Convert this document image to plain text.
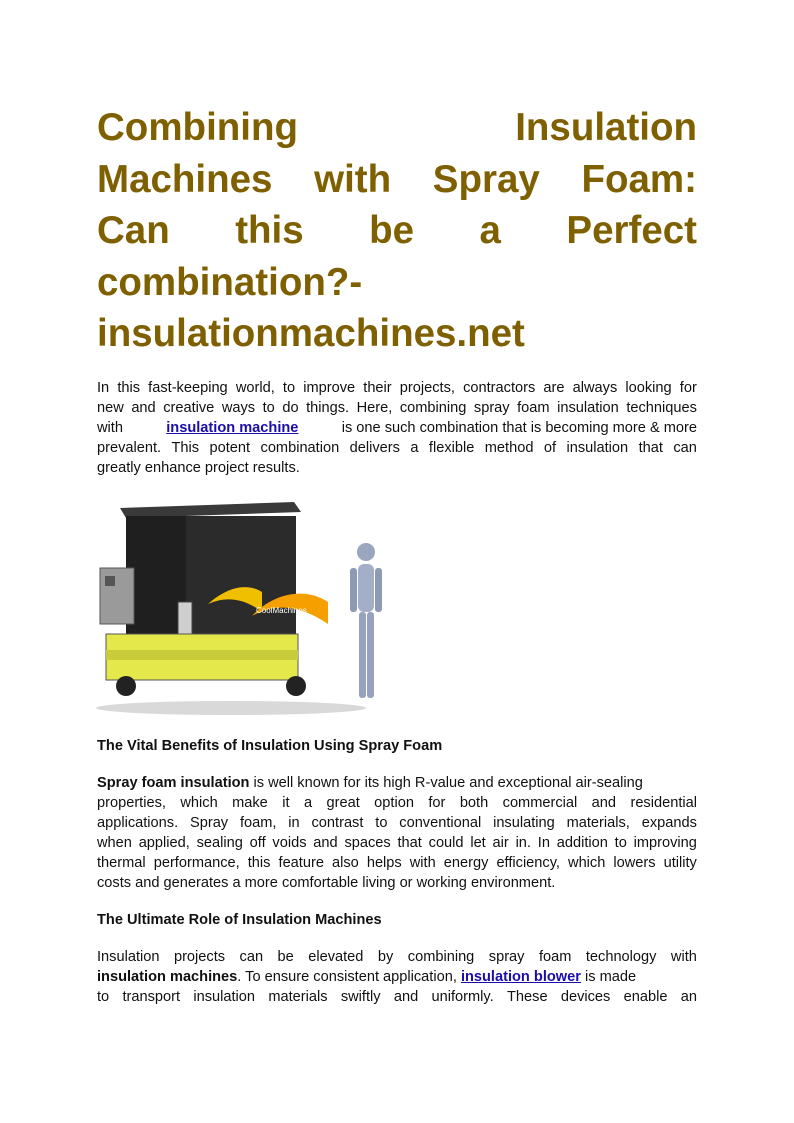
Combining	Insulation
Machines with Spray Foam:
Can this be a Perfect
combination?-
insulationmachines.net
In this fast-keeping world, to improve their projects, contractors are always looking for
new and creative ways to do things. Here, combining spray foam insulation techniques
with	insulation machine	is one such combination that is becoming more & more
prevalent. This potent combination delivers a flexible method of insulation that can
greatly enhance project results.
CoolMachines
The Vital Benefits of Insulation Using Spray Foam
Spray foam insulation is well known for its high R-value and exceptional air-sealing
properties, which make it a great option for both commercial and residential
applications. Spray foam, in contrast to conventional insulating materials, expands
when applied, sealing off voids and spaces that could let air in. In addition to improving
thermal performance, this feature also helps with energy efficiency, which lowers utility
costs and generates a more comfortable living or working environment.
The Ultimate Role of Insulation Machines
Insulation projects can be elevated by combining spray foam technology with
insulation machines. To ensure consistent application, insulation blower is made
to transport insulation materials swiftly and uniformly. These devices enable an
